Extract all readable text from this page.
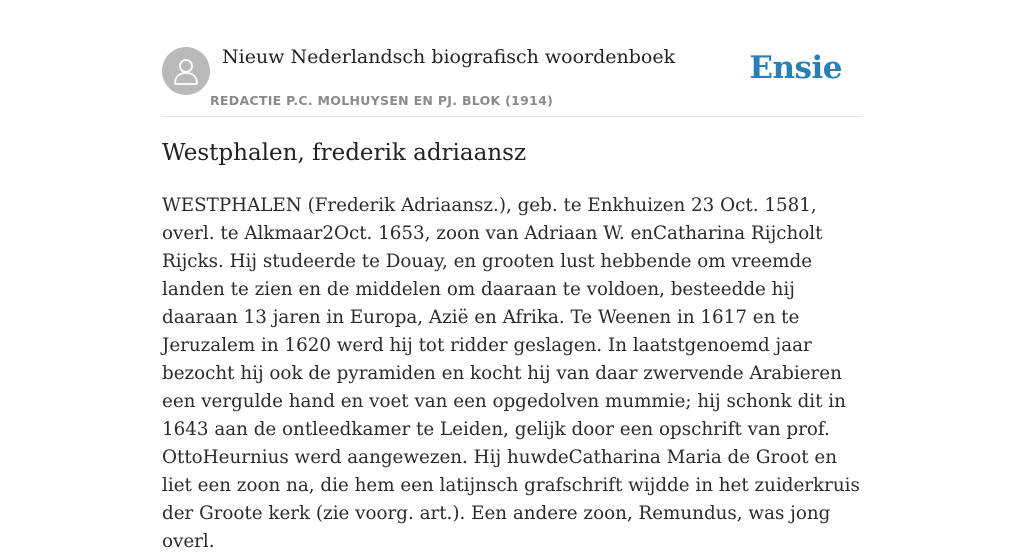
Nieuw Nederlandsch biografisch woordenboek
REDACTIE P.C. MOLHUYSEN EN PJ. BLOK (1914)
Ensie
Westphalen, frederik adriaansz

WESTPHALEN (Frederik Adriaansz.), geb. te Enkhuizen 23 Oct. 1581, overl. te Alkmaar2Oct. 1653, zoon van Adriaan W. enCatharina Rijcholt Rijcks. Hij studeerde te Douay, en grooten lust hebbende om vreemde landen te zien en de middelen om daaraan te voldoen, besteedde hij daaraan 13 jaren in Europa, Azië en Afrika. Te Weenen in 1617 en te Jeruzalem in 1620 werd hij tot ridder geslagen. In laatstgenoemd jaar bezocht hij ook de pyramiden en kocht hij van daar zwervende Arabieren een vergulde hand en voet van een opgedolven mummie; hij schonk dit in 1643 aan de ontleedkamer te Leiden, gelijk door een opschrift van prof. OttoHeurnius werd aangewezen. Hij huwdeCatharina Maria de Groot en liet een zoon na, die hem een latijnsch grafschrift wijdde in het zuiderkruis der Groote kerk (zie voorg. art.). Een andere zoon, Remundus, was jong overl.
